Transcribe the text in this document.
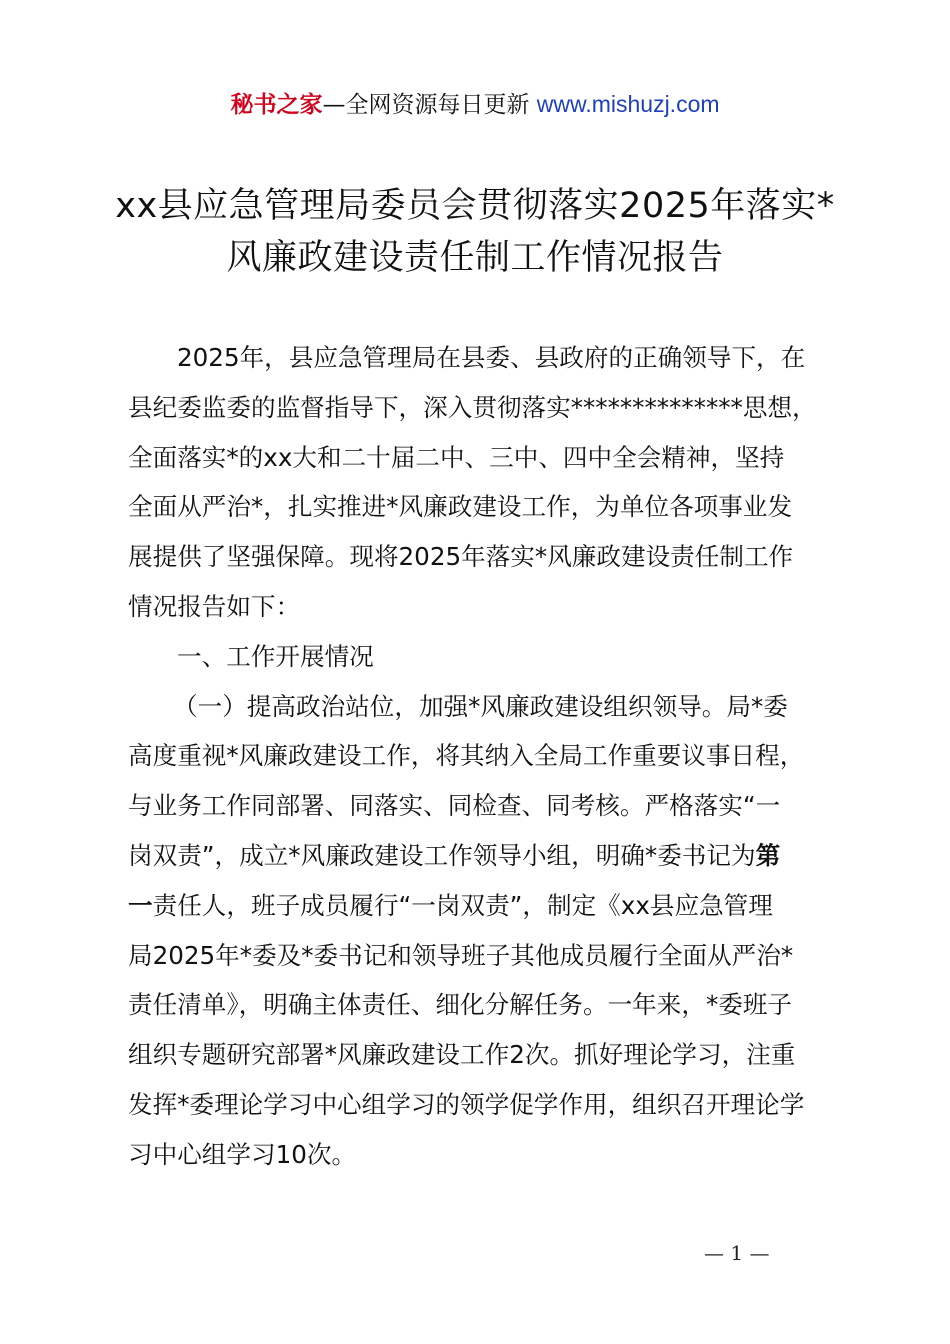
秘书之家—全网资源每日更新 www.mishuzj.com
xx县应急管理局委员会贯彻落实2025年落实*
风廉政建设责任制工作情况报告

2025年，县应急管理局在县委、县政府的正确领导下，在
县纪委监委的监督指导下，深入贯彻落实**************思想，
全面落实*的xx大和二十届二中、三中、四中全会精神，坚持
全面从严治*，扎实推进*风廉政建设工作，为单位各项事业发
展提供了坚强保障。现将2025年落实*风廉政建设责任制工作
情况报告如下：

一、工作开展情况

（一）提高政治站位，加强*风廉政建设组织领导。局*委
高度重视*风廉政建设工作，将其纳入全局工作重要议事日程，
与业务工作同部署、同落实、同检查、同考核。严格落实“一
岗双责”，成立*风廉政建设工作领导小组，明确*委书记为第
一责任人，班子成员履行“一岗双责”，制定《xx县应急管理
局2025年*委及*委书记和领导班子其他成员履行全面从严治*
责任清单》，明确主体责任、细化分解任务。一年来，*委班子
组织专题研究部署*风廉政建设工作2次。抓好理论学习，注重
发挥*委理论学习中心组学习的领学促学作用，组织召开理论学
习中心组学习10次。

— 1 —
